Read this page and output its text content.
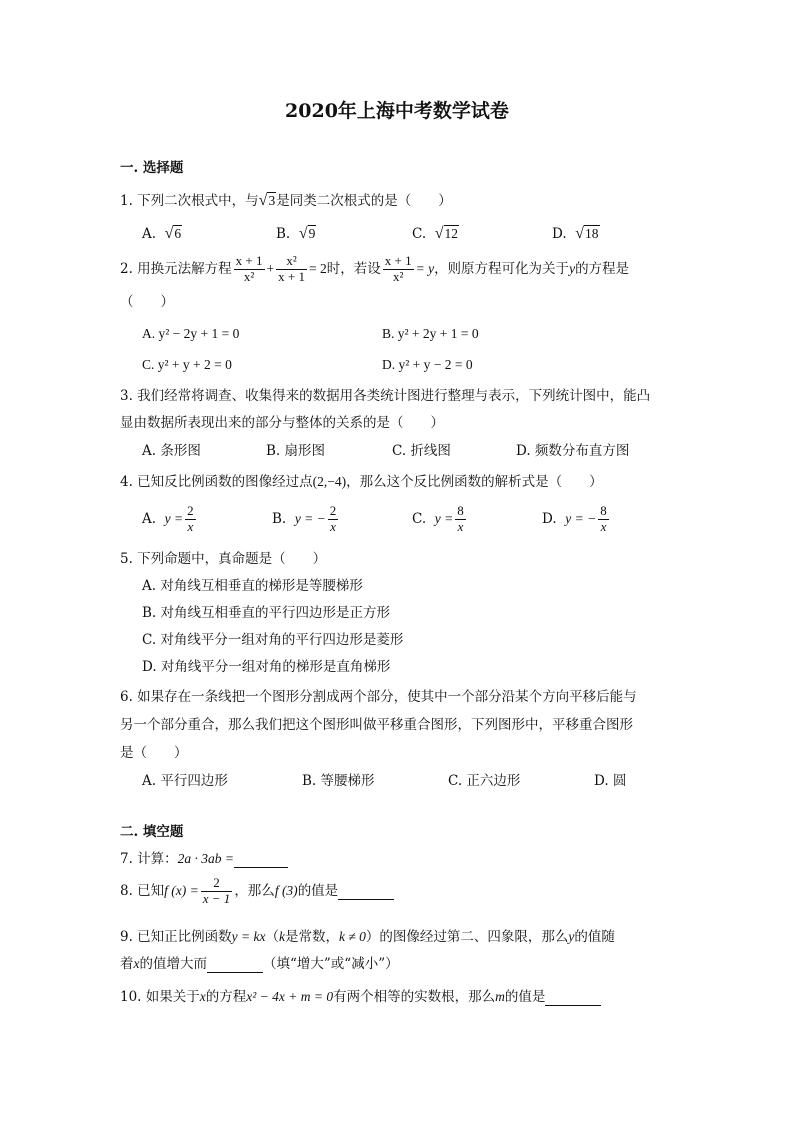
2020年上海中考数学试卷
一. 选择题
1. 下列二次根式中，与√3是同类二次根式的是（　　）
A. √6	B. √9	C. √12	D. √18
2. 用换元法解方程 $\frac{x + 1}{\text{x²}} + \frac{\text{x²}}{x + 1} = 2$时，若设 $\frac{x + 1}{\text{x²}} = y$，则原方程可化为关于y的方程是
（　　）
A. y² − 2y + 1 = 0	B. y² + 2y + 1 = 0
C. y² + y + 2 = 0	D. y² + y − 2 = 0
3. 我们经常将调查、收集得来的数据用各类统计图进行整理与表示，下列统计图中，能凸
显由数据所表现出来的部分与整体的关系的是（　　）
A. 条形图	B. 扇形图	C. 折线图	D. 频数分布直方图
4. 已知反比例函数的图像经过点(2,−4)，那么这个反比例函数的解析式是（　　）
A. $y = \frac{2}{x}$	B. y = − $\frac{2}{x}$	C. $y = \frac{8}{x}$	D. y = − $\frac{8}{x}$
5. 下列命题中，真命题是（　　）
A. 对角线互相垂直的梯形是等腰梯形
B. 对角线互相垂直的平行四边形是正方形
C. 对角线平分一组对角的平行四边形是菱形
D. 对角线平分一组对角的梯形是直角梯形
6. 如果存在一条线把一个图形分割成两个部分，使其中一个部分沿某个方向平移后能与
另一个部分重合，那么我们把这个图形叫做平移重合图形，下列图形中，平移重合图形
是（　　）
A. 平行四边形	B. 等腰梯形	C. 正六边形	D. 圆
二. 填空题
7. 计算：2a · 3ab =
8. 已知f $(x) = \frac{2}{x - 1}$ ，那么f (3)的值是
9. 已知正比例函数y = kx（k是常数，k ≠ 0）的图像经过第二、四象限，那么y的值随
着x的值增大而	（填“增大”或“减小”）
10. 如果关于x的方程x² − 4x + m = 0有两个相等的实数根，那么m的值是
